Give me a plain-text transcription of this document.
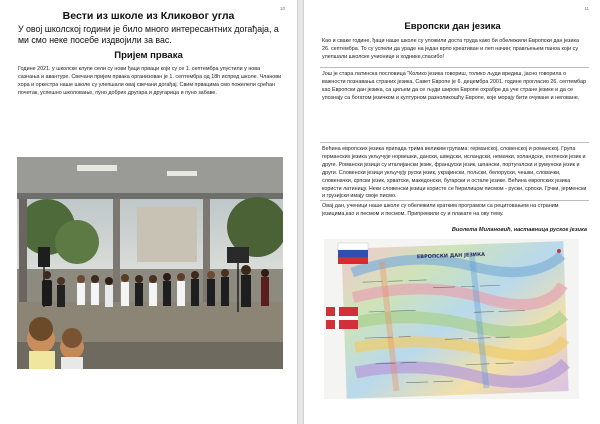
10
Вести из школе из Кликовог угла
У овој школској години је било много интересантних догађаја, а ми смо неке посебе издвојили за вас.
Пријем првака
Године 2021. у школске клупе сели су нови ђаци прваци који су се 1. септембра упустили у нова сазнања и авантуре. Свечани пријем првака организован је 1. септембра од 18h испред школе. Чланови хора и оркестра наше школе су улепшали овај свечани догађај. Свим првацима смо пожелели срећан почетак, успешно школовање, пуно добрих другара и другарица и пуно забаве.
11
Европски дан језика
Као и сваке године, ђаци наше школе су уложили доста труда како би обележили Европски дан језика 26. септембра. То су успели да ураде на један врло креативан и леп начин; прављењем паноа који су улепшали школске учионице и ходнике,спасибо!
Још је стара латинска пословица "Колико језика говориш, толико људи вредиш, јасно говорила о важности познавања страних језика. Савет Европе је 6. децембра 2001. године прогласио 26. септембар као Европски дан језика, са циљем да се људи широм Европе охрабре да уче стране језике и да се упознају са богатом језичком и културном разноликошћу Европе, које морају бити очуване и неговане.
Већина европских језика припада трима великим групама: германској, словенској и романској. Група германских језика укључује норвешки, дански, шведски, исландски, немачки, холандски, енглески језик и друге. Романски језици су италијански језик, француски језик, шпански, португалски и румунски језик и други. Словенски језици укључују руски језик, украјински, пољски, белоруски, чешки, словачки, словеначки, српски језик, хрватски, македонски, бугарски и остале језике. Већина европских језика користи латиницу. Неки словенски језици користе се ћирилицом писмом - руски, српски. Грчки, јерменски и грузијски имају своје писмо.
Овај дан, ученици наше школе су обележили кратким програмом са рецитовањем на страним језицима,као и песмом и песмом. Припремили су и плакате на ову тему.
Виолета Милановић, наставница руског језика
ЕВРОПСКИ ДАН ЈЕЗИКА
